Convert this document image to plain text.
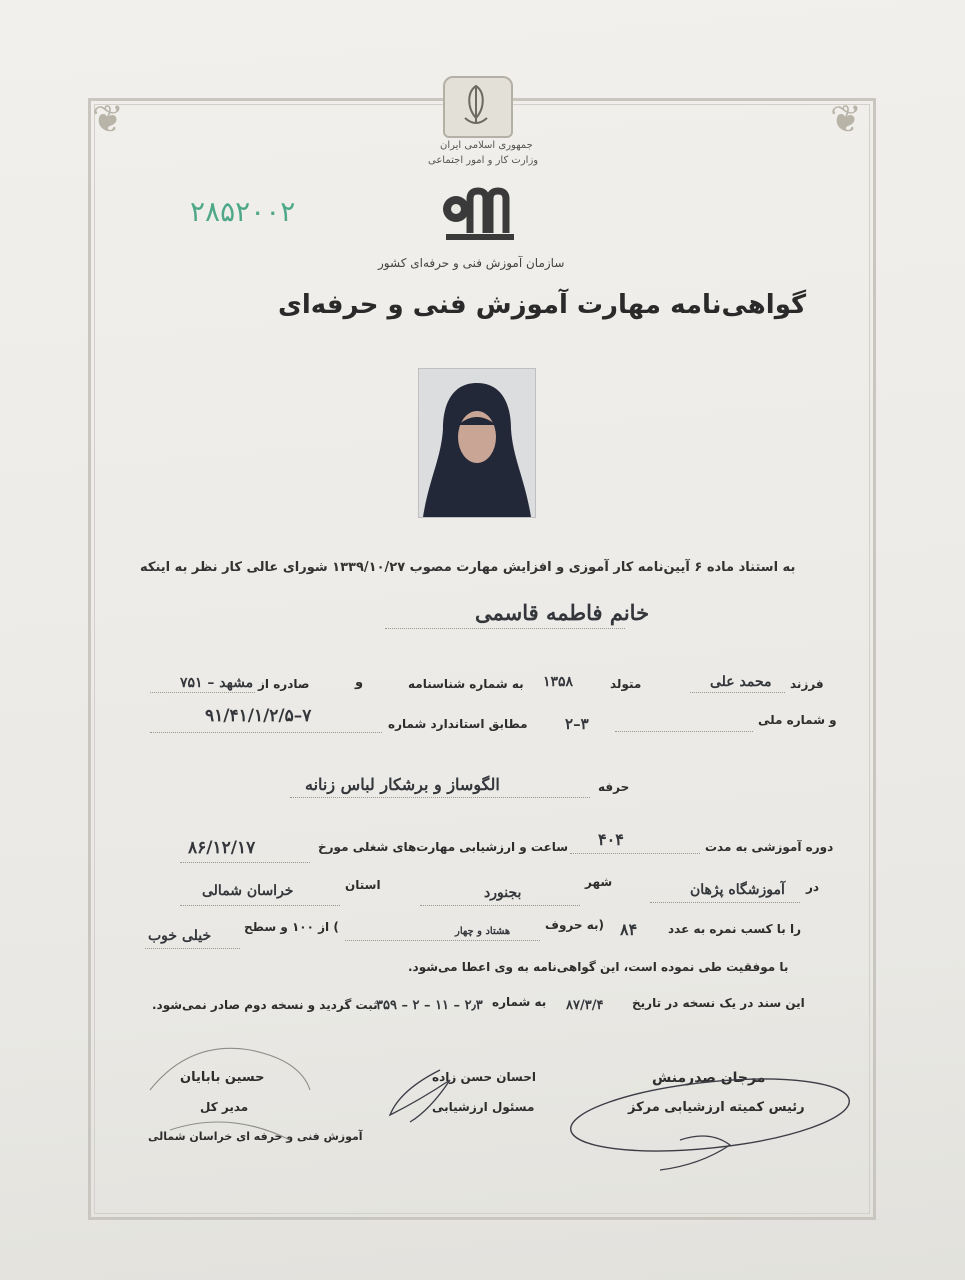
❦	❦
جمهوری اسلامی ایران
وزارت کار و امور اجتماعی
۲۸۵۲۰۰۲
سازمان آموزش فنی و حرفه‌ای کشور
گواهی‌نامه مهارت آموزش فنی و حرفه‌ای
به استناد ماده ۶ آیین‌نامه کار آموزی و افزایش مهارت مصوب ۱۳۳۹/۱۰/۲۷ شورای عالی کار نظر به اینکه
خانم فاطمه قاسمی
فرزند
محمد علی
متولد
۱۳۵۸
به شماره شناسنامه
و
صادره از
مشهد – ۷۵۱
و شماره ملی
۳–۲
مطابق استاندارد شماره
۷–۹۱/۴۱/۱/۲/۵
حرفه
الگوساز و برشکار لباس زنانه
دوره آموزشی به مدت
۴۰۴
ساعت و ارزشیابی مهارت‌های شغلی مورخ
۸۶/۱۲/۱۷
در
آموزشگاه پژهان
شهر
بجنورد
استان
خراسان شمالی
را با کسب نمره به عدد
۸۴
(به حروف
هشتاد و چهار
) از ۱۰۰ و سطح
خیلی خوب
با موفقیت طی نموده است، این گواهی‌نامه به وی اعطا می‌شود.
این سند در یک نسخه در تاریخ
۸۷/۳/۴
به شماره
۲٫۳ – ۱۱ – ۲ – ۳۵۹
ثبت گردید و نسخه دوم صادر نمی‌شود.
مرجان صدرمنش
رئیس کمیته ارزشیابی مرکز
احسان حسن زاده
مسئول ارزشیابی
حسین بابایان
مدیر کل
آموزش فنی و حرفه ای خراسان شمالی
